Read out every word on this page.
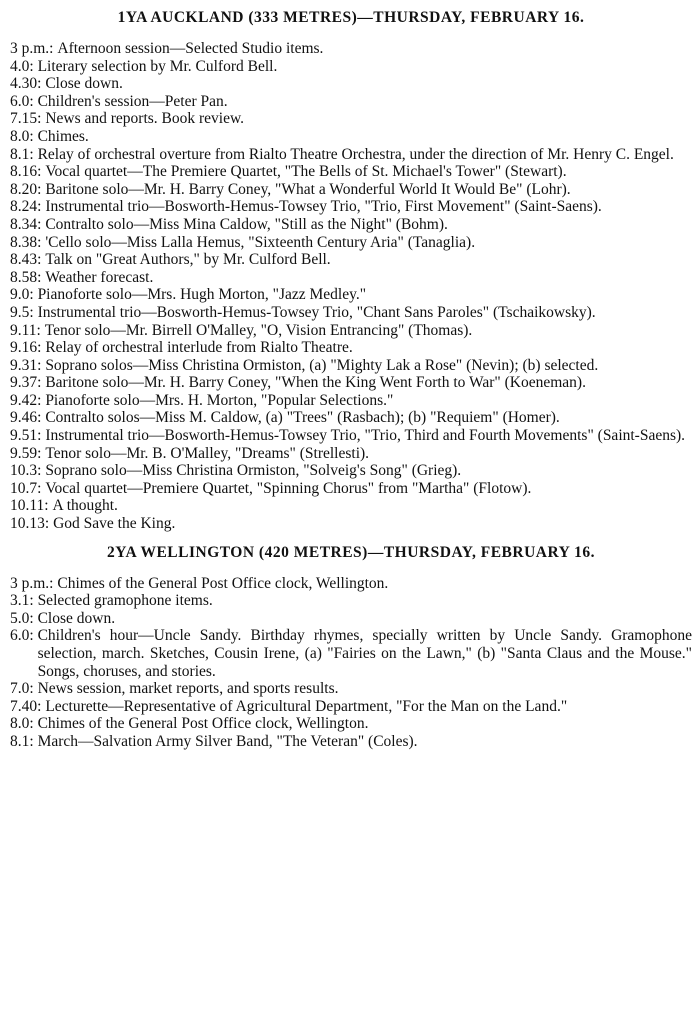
1YA AUCKLAND (333 METRES)—THURSDAY, FEBRUARY 16.
3 p.m.:
Afternoon session—Selected Studio items.
4.0:
Literary selection by Mr. Culford Bell.
4.30:
Close down.
6.0:
Children's session—Peter Pan.
7.15:
News and reports. Book review.
8.0:
Chimes.
8.1:
Relay of orchestral overture from Rialto Theatre Orchestra, under the direction of Mr. Henry C. Engel.
8.16:
Vocal quartet—The Premiere Quartet, "The Bells of St. Michael's Tower" (Stewart).
8.20:
Baritone solo—Mr. H. Barry Coney, "What a Wonderful World It Would Be" (Lohr).
8.24:
Instrumental trio—Bosworth-Hemus-Towsey Trio, "Trio, First Movement" (Saint-Saens).
8.34:
Contralto solo—Miss Mina Caldow, "Still as the Night" (Bohm).
8.38:
'Cello solo—Miss Lalla Hemus, "Sixteenth Century Aria" (Tanaglia).
8.43:
Talk on "Great Authors," by Mr. Culford Bell.
8.58:
Weather forecast.
9.0:
Pianoforte solo—Mrs. Hugh Morton, "Jazz Medley."
9.5:
Instrumental trio—Bosworth-Hemus-Towsey Trio, "Chant Sans Paroles" (Tschaikowsky).
9.11:
Tenor solo—Mr. Birrell O'Malley, "O, Vision Entrancing" (Thomas).
9.16:
Relay of orchestral interlude from Rialto Theatre.
9.31:
Soprano solos—Miss Christina Ormiston, (a) "Mighty Lak a Rose" (Nevin); (b) selected.
9.37:
Baritone solo—Mr. H. Barry Coney, "When the King Went Forth to War" (Koeneman).
9.42:
Pianoforte solo—Mrs. H. Morton, "Popular Selections."
9.46:
Contralto solos—Miss M. Caldow, (a) "Trees" (Rasbach); (b) "Requiem" (Homer).
9.51:
Instrumental trio—Bosworth-Hemus-Towsey Trio, "Trio, Third and Fourth Movements" (Saint-Saens).
9.59:
Tenor solo—Mr. B. O'Malley, "Dreams" (Strellesti).
10.3:
Soprano solo—Miss Christina Ormiston, "Solveig's Song" (Grieg).
10.7:
Vocal quartet—Premiere Quartet, "Spinning Chorus" from "Martha" (Flotow).
10.11:
A thought.
10.13:
God Save the King.
2YA WELLINGTON (420 METRES)—THURSDAY, FEBRUARY 16.
3 p.m.:
Chimes of the General Post Office clock, Wellington.
3.1:
Selected gramophone items.
5.0:
Close down.
6.0:
Children's hour—Uncle Sandy. Birthday rhymes, specially written by Uncle Sandy. Gramophone selection, march. Sketches, Cousin Irene, (a) "Fairies on the Lawn," (b) "Santa Claus and the Mouse." Songs, choruses, and stories.
7.0:
News session, market reports, and sports results.
7.40:
Lecturette—Representative of Agricultural Department, "For the Man on the Land."
8.0:
Chimes of the General Post Office clock, Wellington.
8.1:
March—Salvation Army Silver Band, "The Veteran" (Coles).
